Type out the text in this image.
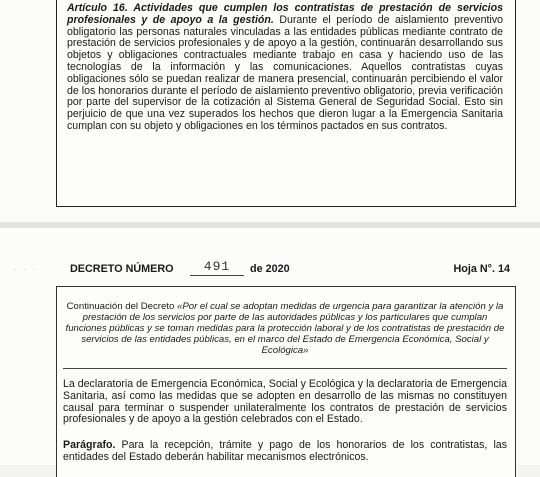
Artículo 16. Actividades que cumplen los contratistas de prestación de servicios profesionales y de apoyo a la gestión. Durante el período de aislamiento preventivo obligatorio las personas naturales vinculadas a las entidades públicas mediante contrato de prestación de servicios profesionales y de apoyo a la gestión, continuarán desarrollando sus objetos y obligaciones contractuales mediante trabajo en casa y haciendo uso de las tecnologías de la información y las comunicaciones. Aquellos contratistas cuyas obligaciones sólo se puedan realizar de manera presencial, continuarán percibiendo el valor de los honorarios durante el período de aislamiento preventivo obligatorio, previa verificación por parte del supervisor de la cotización al Sistema General de Seguridad Social. Esto sin perjuicio de que una vez superados los hechos que dieron lugar a la Emergencia Sanitaria cumplan con su objeto y obligaciones en los términos pactados en sus contratos.
· · ·	DECRETO NÚMERO	491	de 2020	Hoja N°. 14
Continuación del Decreto «Por el cual se adoptan medidas de urgencia para garantizar la atención y la prestación de los servicios por parte de las autoridades públicas y los particulares que cumplan funciones públicas y se toman medidas para la protección laboral y de los contratistas de prestación de servicios de las entidades públicas, en el marco del Estado de Emergencia Económica, Social y Ecológica»
La declaratoria de Emergencia Económica, Social y Ecológica y la declaratoria de Emergencia Sanitaria, así como las medidas que se adopten en desarrollo de las mismas no constituyen causal para terminar o suspender unilateralmente los contratos de prestación de servicios profesionales y de apoyo a la gestión celebrados con el Estado.
Parágrafo. Para la recepción, trámite y pago de los honorarios de los contratistas, las entidades del Estado deberán habilitar mecanismos electrónicos.
